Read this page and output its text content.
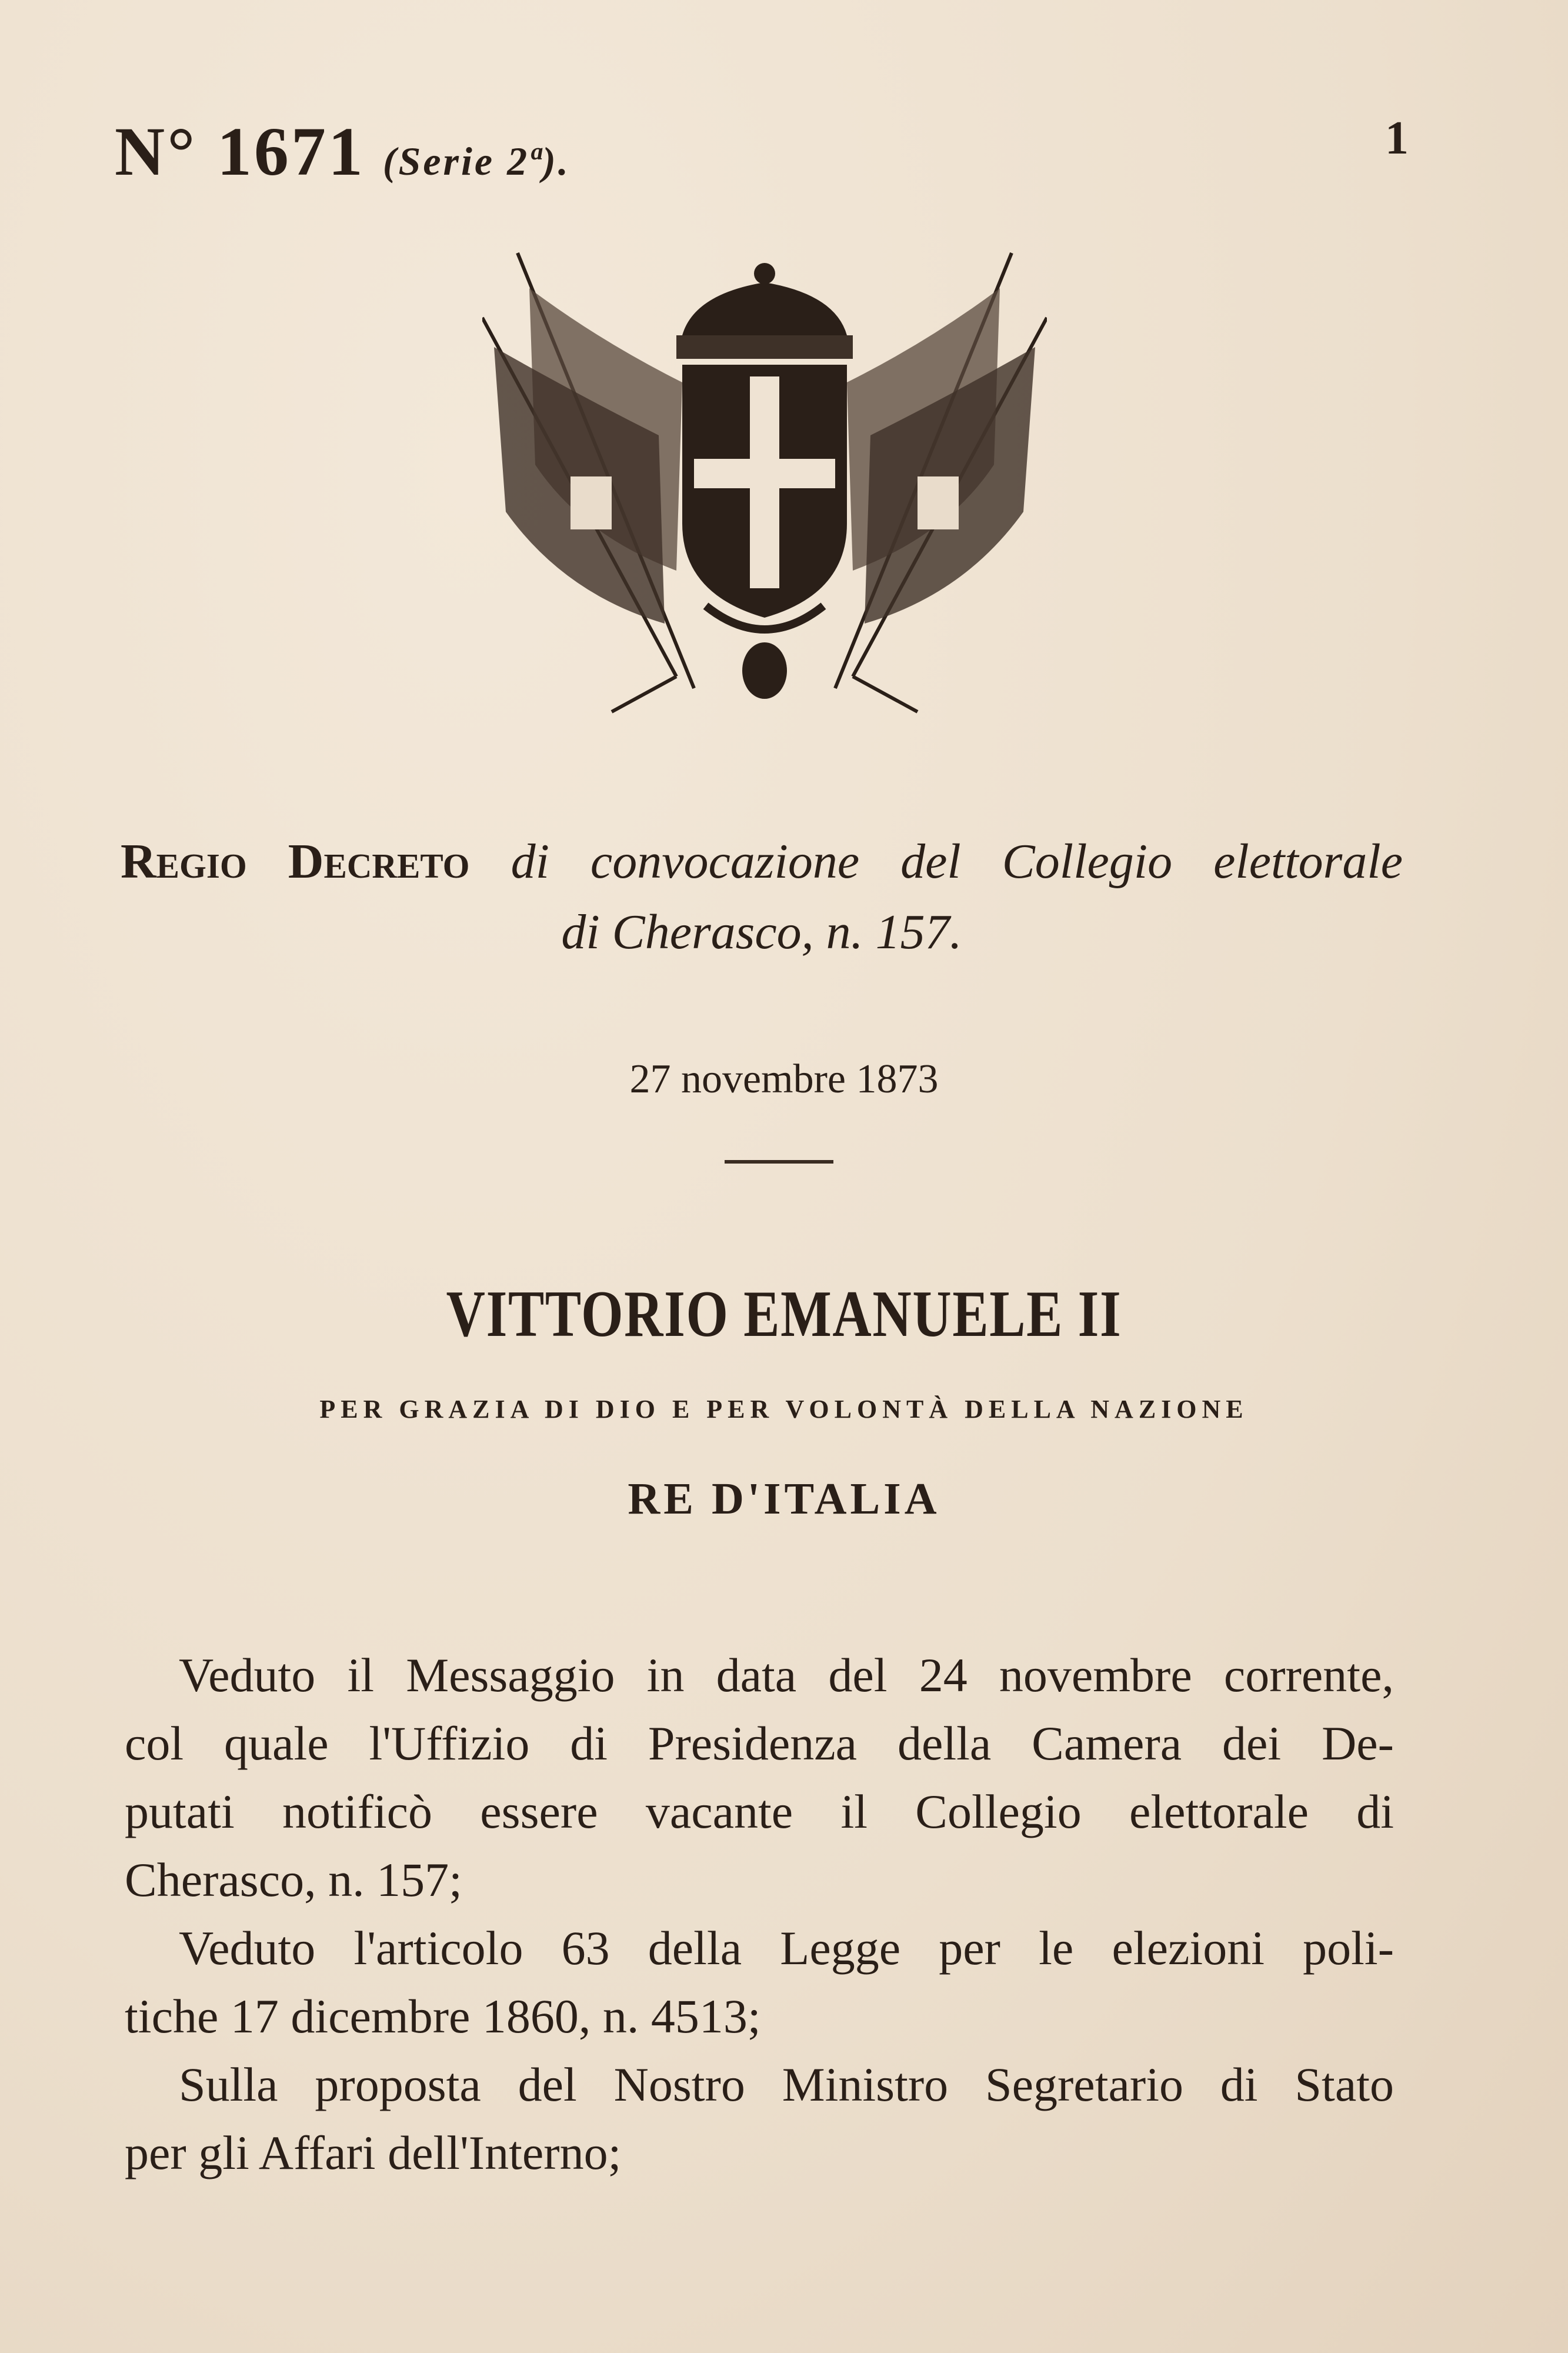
N° 1671 (Serie 2ª).	1
Regio Decreto di convocazione del Collegio elettorale
di Cherasco, n. 157.
27 novembre 1873
VITTORIO EMANUELE II
PER GRAZIA DI DIO E PER VOLONTÀ DELLA NAZIONE
RE D'ITALIA
Veduto il Messaggio in data del 24 novembre corrente,
col quale l'Uffizio di Presidenza della Camera dei De-
putati notificò essere vacante il Collegio elettorale di
Cherasco, n. 157;
Veduto l'articolo 63 della Legge per le elezioni poli-
tiche 17 dicembre 1860, n. 4513;
Sulla proposta del Nostro Ministro Segretario di Stato
per gli Affari dell'Interno;
